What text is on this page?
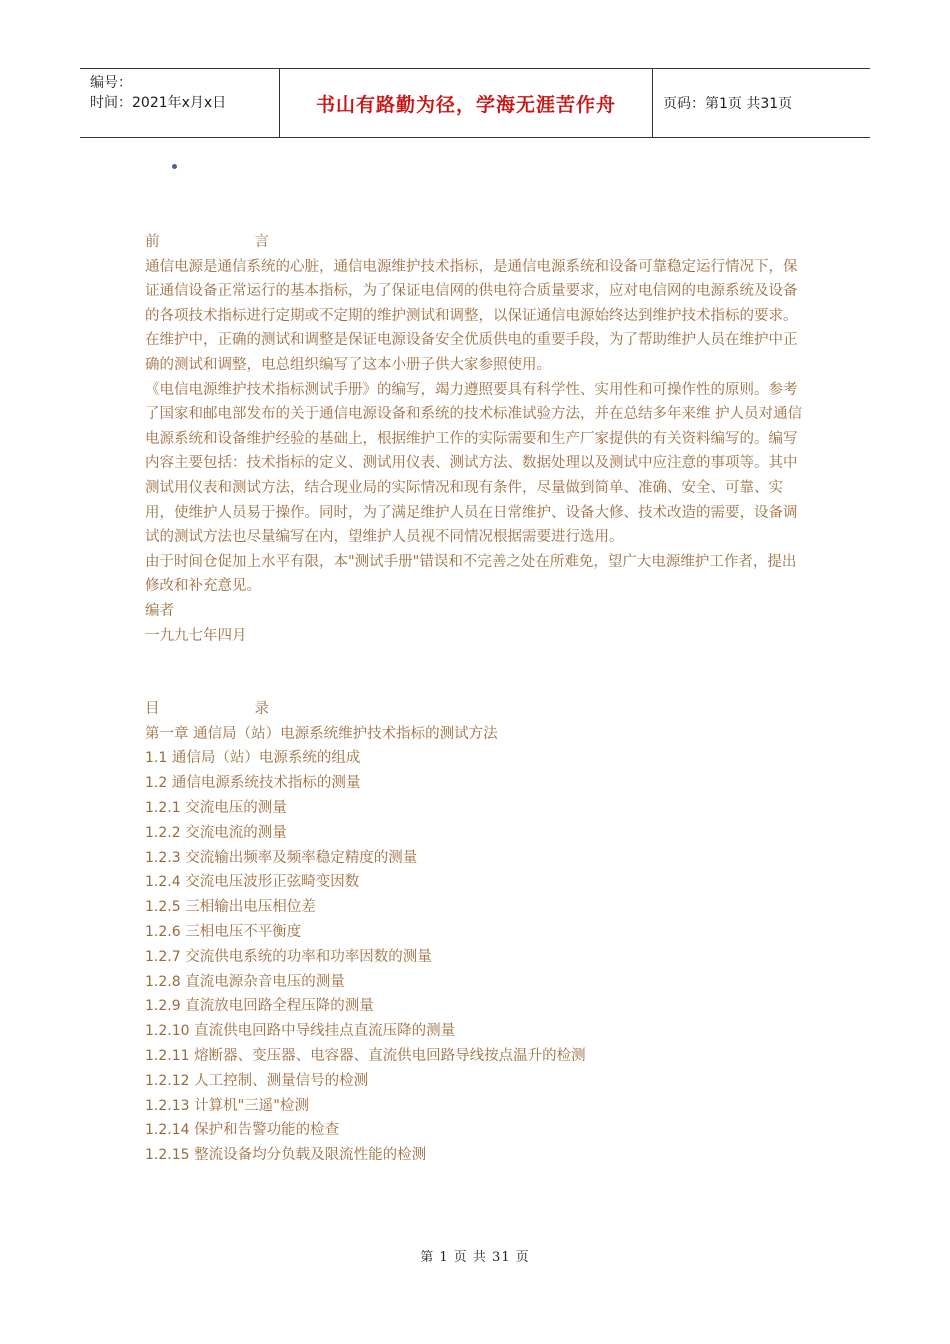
编号：
时间：2021年x月x日	书山有路勤为径，学海无涯苦作舟	页码：第1页 共31页

前	言

通信电源是通信系统的心脏，通信电源维护技术指标，是通信电源系统和设备可靠稳定运行情况下，保证通信设备正常运行的基本指标，为了保证电信网的供电符合质量要求，应对电信网的电源系统及设备的各项技术指标进行定期或不定期的维护测试和调整，以保证通信电源始终达到维护技术指标的要求。在维护中，正确的测试和调整是保证电源设备安全优质供电的重要手段，为了帮助维护人员在维护中正确的测试和调整，电总组织编写了这本小册子供大家参照使用。

《电信电源维护技术指标测试手册》的编写，竭力遵照要具有科学性、实用性和可操作性的原则。参考了国家和邮电部发布的关于通信电源设备和系统的技术标准试验方法，并在总结多年来维 护人员对通信电源系统和设备维护经验的基础上，根据维护工作的实际需要和生产厂家提供的有关资料编写的。编写内容主要包括：技术指标的定义、测试用仪表、测试方法、数据处理以及测试中应注意的事项等。其中测试用仪表和测试方法，结合现业局的实际情况和现有条件，尽量做到简单、准确、安全、可靠、实用，使维护人员易于操作。同时，为了满足维护人员在日常维护、设备大修、技术改造的需要，设备调试的测试方法也尽量编写在内，望维护人员视不同情况根据需要进行选用。

由于时间仓促加上水平有限，本"测试手册"错误和不完善之处在所难免，望广大电源维护工作者，提出修改和补充意见。

编者

一九九七年四月

目	录

第一章 通信局（站）电源系统维护技术指标的测试方法

1.1 通信局（站）电源系统的组成

1.2 通信电源系统技术指标的测量

1.2.1 交流电压的测量

1.2.2 交流电流的测量

1.2.3 交流输出频率及频率稳定精度的测量

1.2.4 交流电压波形正弦畸变因数

1.2.5 三相输出电压相位差

1.2.6 三相电压不平衡度

1.2.7 交流供电系统的功率和功率因数的测量

1.2.8 直流电源杂音电压的测量

1.2.9 直流放电回路全程压降的测量

1.2.10 直流供电回路中导线挂点直流压降的测量

1.2.11 熔断器、变压器、电容器、直流供电回路导线按点温升的检测

1.2.12 人工控制、测量信号的检测

1.2.13 计算机"三遥"检测

1.2.14 保护和告警功能的检查

1.2.15 整流设备均分负载及限流性能的检测

第 1 页 共 31 页
